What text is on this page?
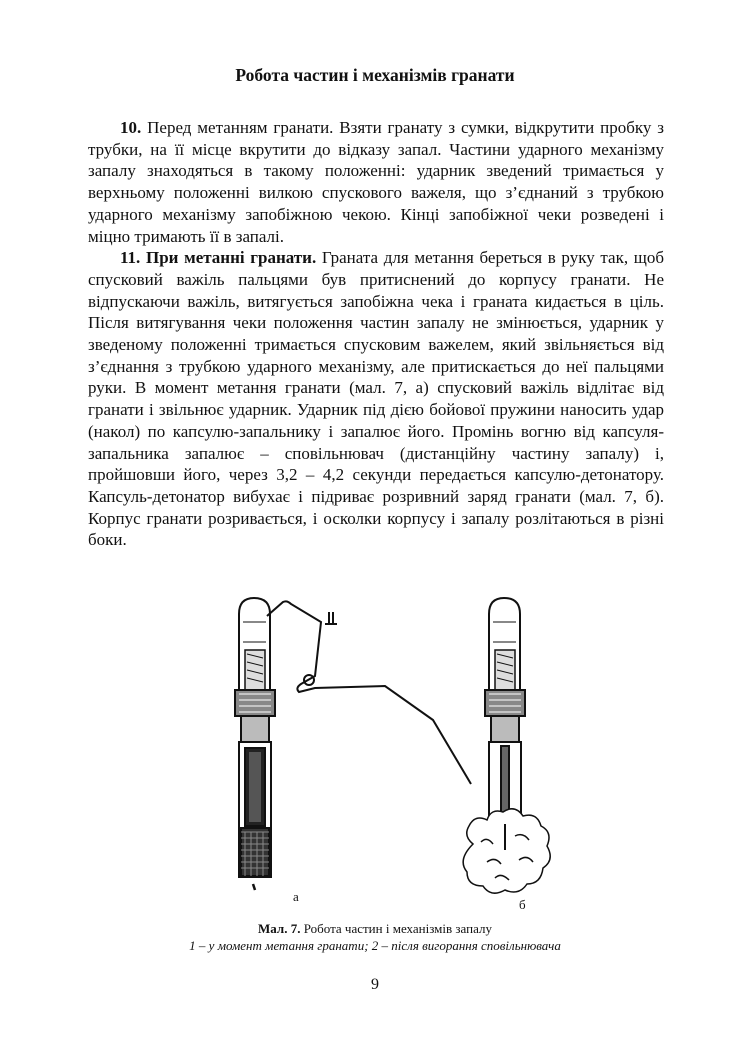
Робота частин і механізмів гранати

10. Перед метанням гранати. Взяти гранату з сумки, відкрутити пробку з трубки, на її місце вкрутити до відказу запал. Частини ударного механізму запалу знаходяться в такому положенні: ударник зведений тримається у верхньому положенні вилкою спускового важеля, що з’єднаний з трубкою ударного механізму запобіжною чекою. Кінці запобіжної чеки розведені і міцно тримають її в запалі.

11. При метанні гранати. Граната для метання береться в руку так, щоб спусковий важіль пальцями був притиснений до корпусу гранати. Не відпускаючи важіль, витягується запобіжна чека і граната кидається в ціль. Після витягування чеки положення частин запалу не змінюється, ударник у зведеному положенні тримається спусковим важелем, який звільняється від з’єднання з трубкою ударного механізму, але притискається до неї пальцями руки. В момент метання гранати (мал. 7, а) спусковий важіль відлітає від гранати і звільнює ударник. Ударник під дією бойової пружини наносить удар (накол) по капсулю-запальнику і запалює його. Промінь вогню від капсуля-запальника запалює – сповільнювач (дистанційну частину запалу) і, пройшовши його, через 3,2 – 4,2 секунди передається капсулю-детонатору. Капсуль-детонатор вибухає і підриває розривний заряд гранати (мал. 7, б). Корпус гранати розривається, і осколки корпусу і запалу розлітаються в різні боки.

а
б
Мал. 7. Робота частин і механізмів запалу
1 – у момент метання гранати; 2 – після вигорання сповільнювача
9
